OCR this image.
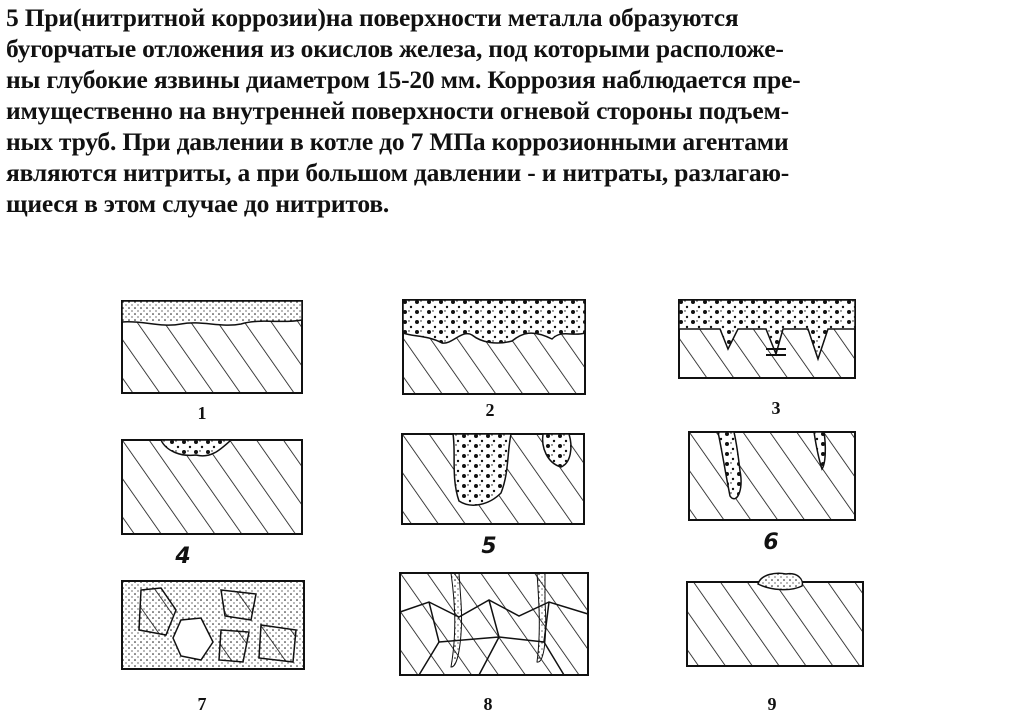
5 При(нитритной коррозии)на поверхности металла образуются
бугорчатые отложения из окислов железа, под которыми расположе-
ны глубокие язвины диаметром 15-20 мм. Коррозия наблюдается пре-
имущественно на внутренней поверхности огневой стороны подъем-
ных труб. При давлении в котле до 7 МПа коррозионными агентами
являются нитриты, а при большом давлении - и нитраты, разлагаю-
щиеся в этом случае до нитритов.
1	2	3
4	5	6
7	8	9
